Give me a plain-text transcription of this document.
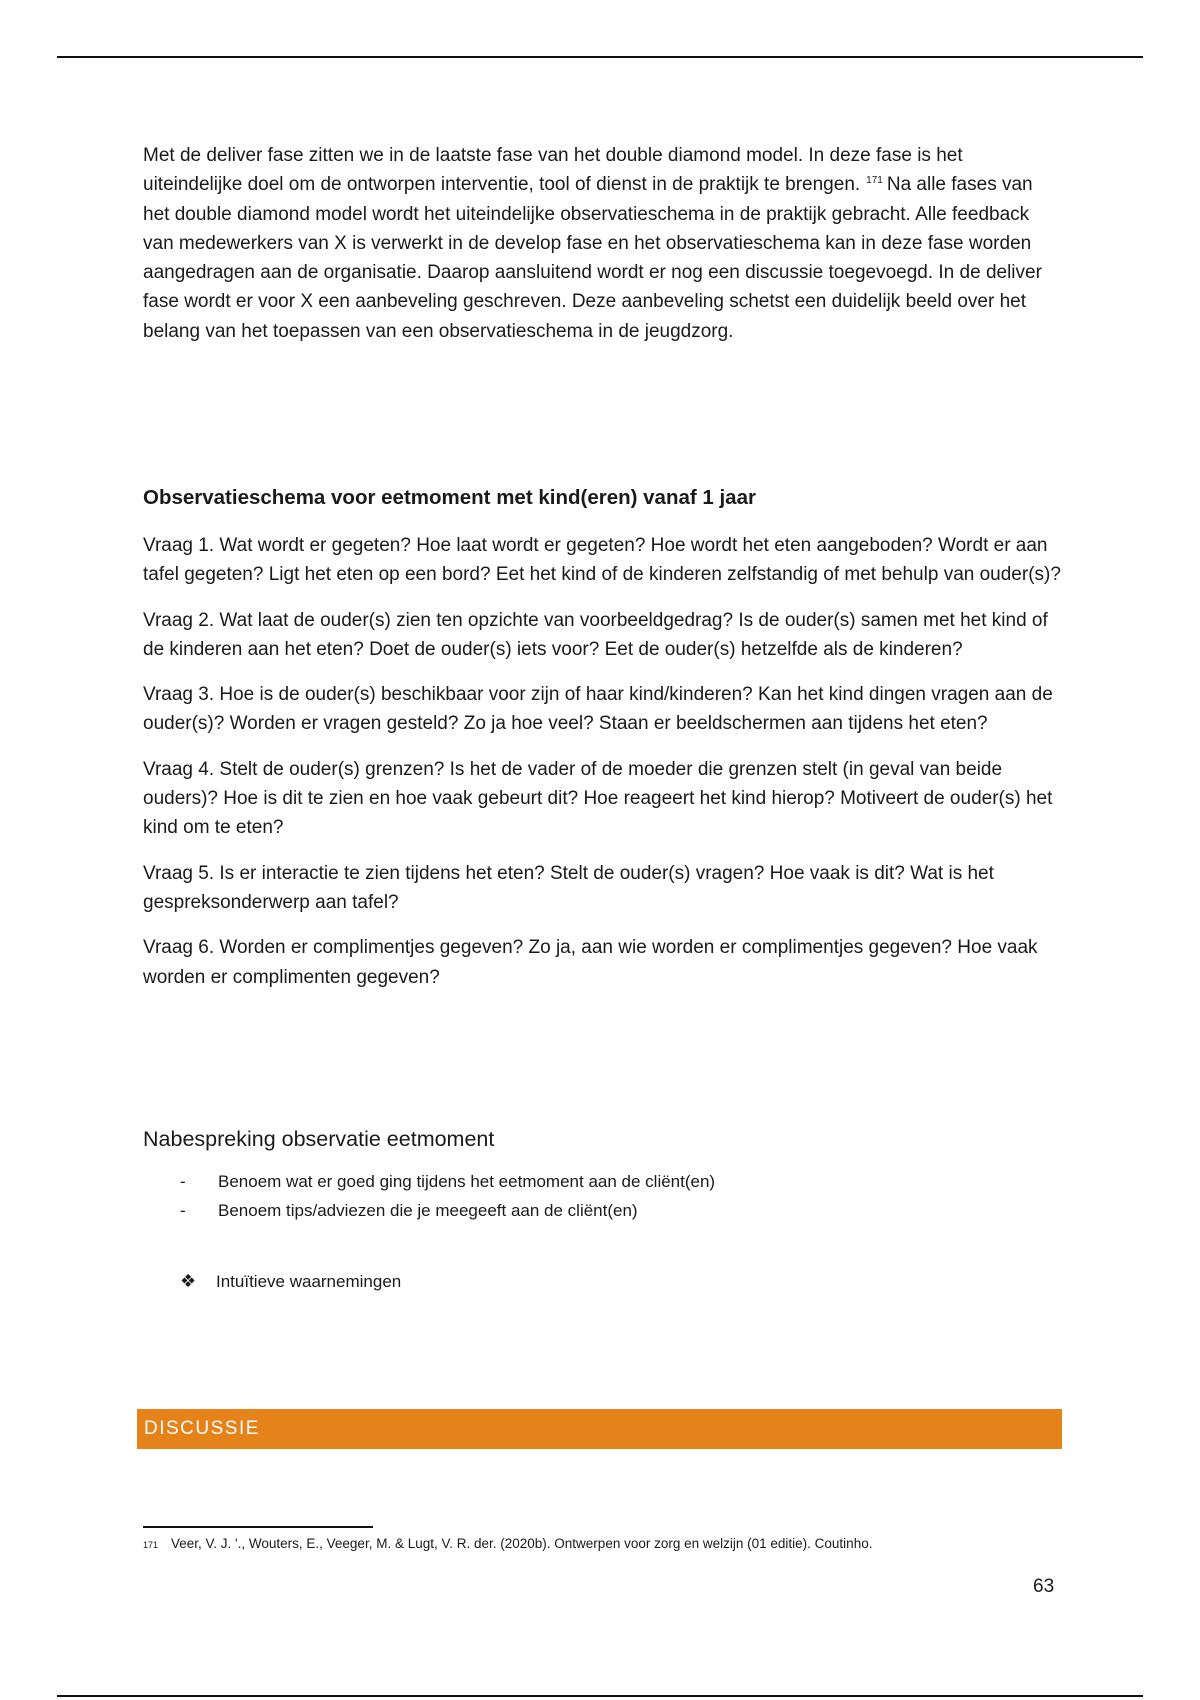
Met de deliver fase zitten we in de laatste fase van het double diamond model. In deze fase is het uiteindelijke doel om de ontworpen interventie, tool of dienst in de praktijk te brengen. $^{171}$ Na alle fases van het double diamond model wordt het uiteindelijke observatieschema in de praktijk gebracht. Alle feedback van medewerkers van X is verwerkt in de develop fase en het observatieschema kan in deze fase worden aangedragen aan de organisatie. Daarop aansluitend wordt er nog een discussie toegevoegd. In de deliver fase wordt er voor X een aanbeveling geschreven. Deze aanbeveling schetst een duidelijk beeld over het belang van het toepassen van een observatieschema in de jeugdzorg.

Observatieschema voor eetmoment met kind(eren) vanaf 1 jaar

Vraag 1. Wat wordt er gegeten? Hoe laat wordt er gegeten? Hoe wordt het eten aangeboden? Wordt er aan tafel gegeten? Ligt het eten op een bord? Eet het kind of de kinderen zelfstandig of met behulp van ouder(s)?

Vraag 2. Wat laat de ouder(s) zien ten opzichte van voorbeeldgedrag? Is de ouder(s) samen met het kind of de kinderen aan het eten? Doet de ouder(s) iets voor? Eet de ouder(s) hetzelfde als de kinderen?

Vraag 3. Hoe is de ouder(s) beschikbaar voor zijn of haar kind/kinderen? Kan het kind dingen vragen aan de ouder(s)? Worden er vragen gesteld? Zo ja hoe veel? Staan er beeldschermen aan tijdens het eten?

Vraag 4. Stelt de ouder(s) grenzen? Is het de vader of de moeder die grenzen stelt (in geval van beide ouders)? Hoe is dit te zien en hoe vaak gebeurt dit? Hoe reageert het kind hierop? Motiveert de ouder(s) het kind om te eten?

Vraag 5. Is er interactie te zien tijdens het eten? Stelt de ouder(s) vragen? Hoe vaak is dit? Wat is het gespreksonderwerp aan tafel?

Vraag 6. Worden er complimentjes gegeven? Zo ja, aan wie worden er complimentjes gegeven? Hoe vaak worden er complimenten gegeven?

Nabespreking observatie eetmoment
-	Benoem wat er goed ging tijdens het eetmoment aan de cliënt(en)
-	Benoem tips/adviezen die je meegeeft aan de cliënt(en)
❖	Intuïtieve waarnemingen
DISCUSSIE
171 Veer, V. J. '., Wouters, E., Veeger, M. & Lugt, V. R. der. (2020b). Ontwerpen voor zorg en welzijn (01 editie). Coutinho.
63
